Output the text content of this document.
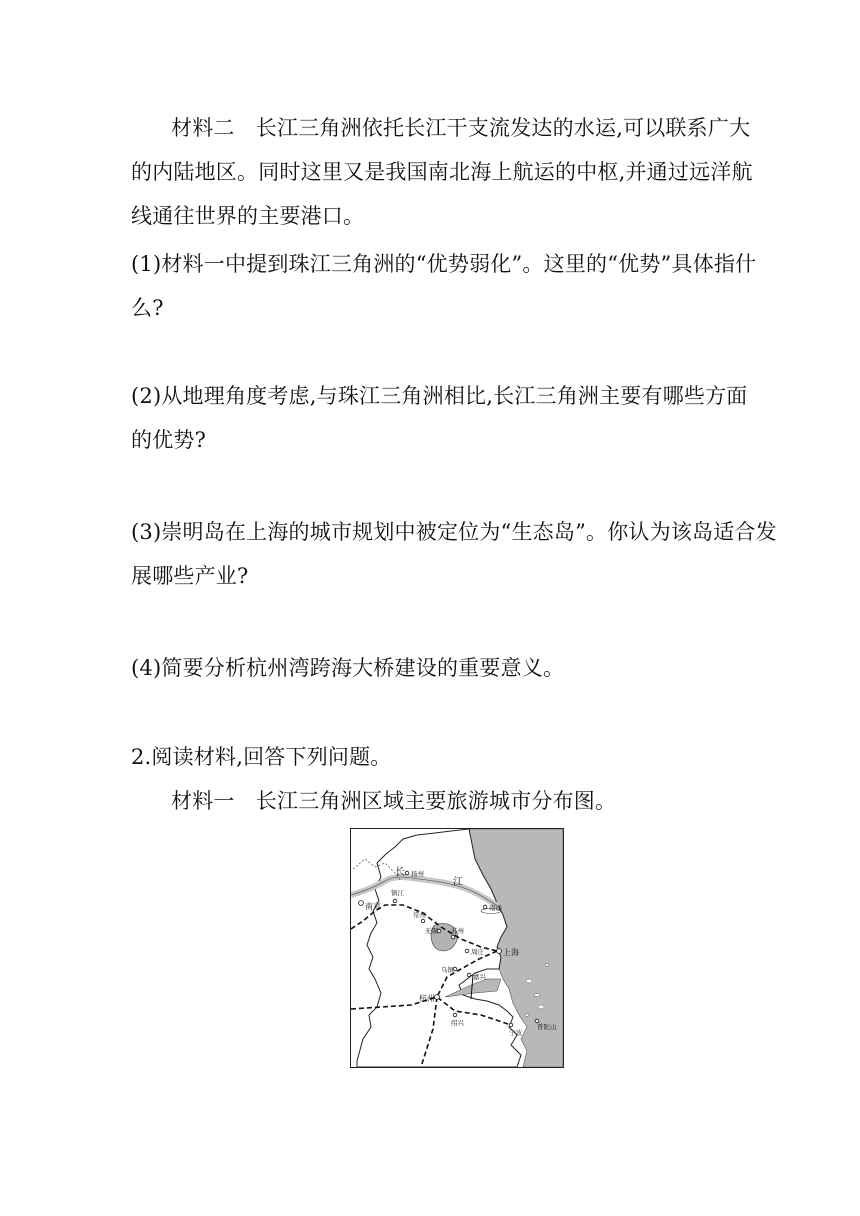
材料二　长江三角洲依托长江干支流发达的水运,可以联系广大
的内陆地区。同时这里又是我国南北海上航运的中枢,并通过远洋航
线通往世界的主要港口。
(1)材料一中提到珠江三角洲的“优势弱化”。这里的“优势”具体指什
么?
(2)从地理角度考虑,与珠江三角洲相比,长江三角洲主要有哪些方面
的优势?
(3)崇明岛在上海的城市规划中被定位为“生态岛”。你认为该岛适合发
展哪些产业?
(4)简要分析杭州湾跨海大桥建设的重要意义。
2.阅读材料,回答下列问题。
材料一　长江三角洲区域主要旅游城市分布图。
长
江
扬州
镇江
南京	南通
常州
无锡 苏州
周庄 上海
乌镇
嘉兴
杭州
绍兴
宁波
普陀山
